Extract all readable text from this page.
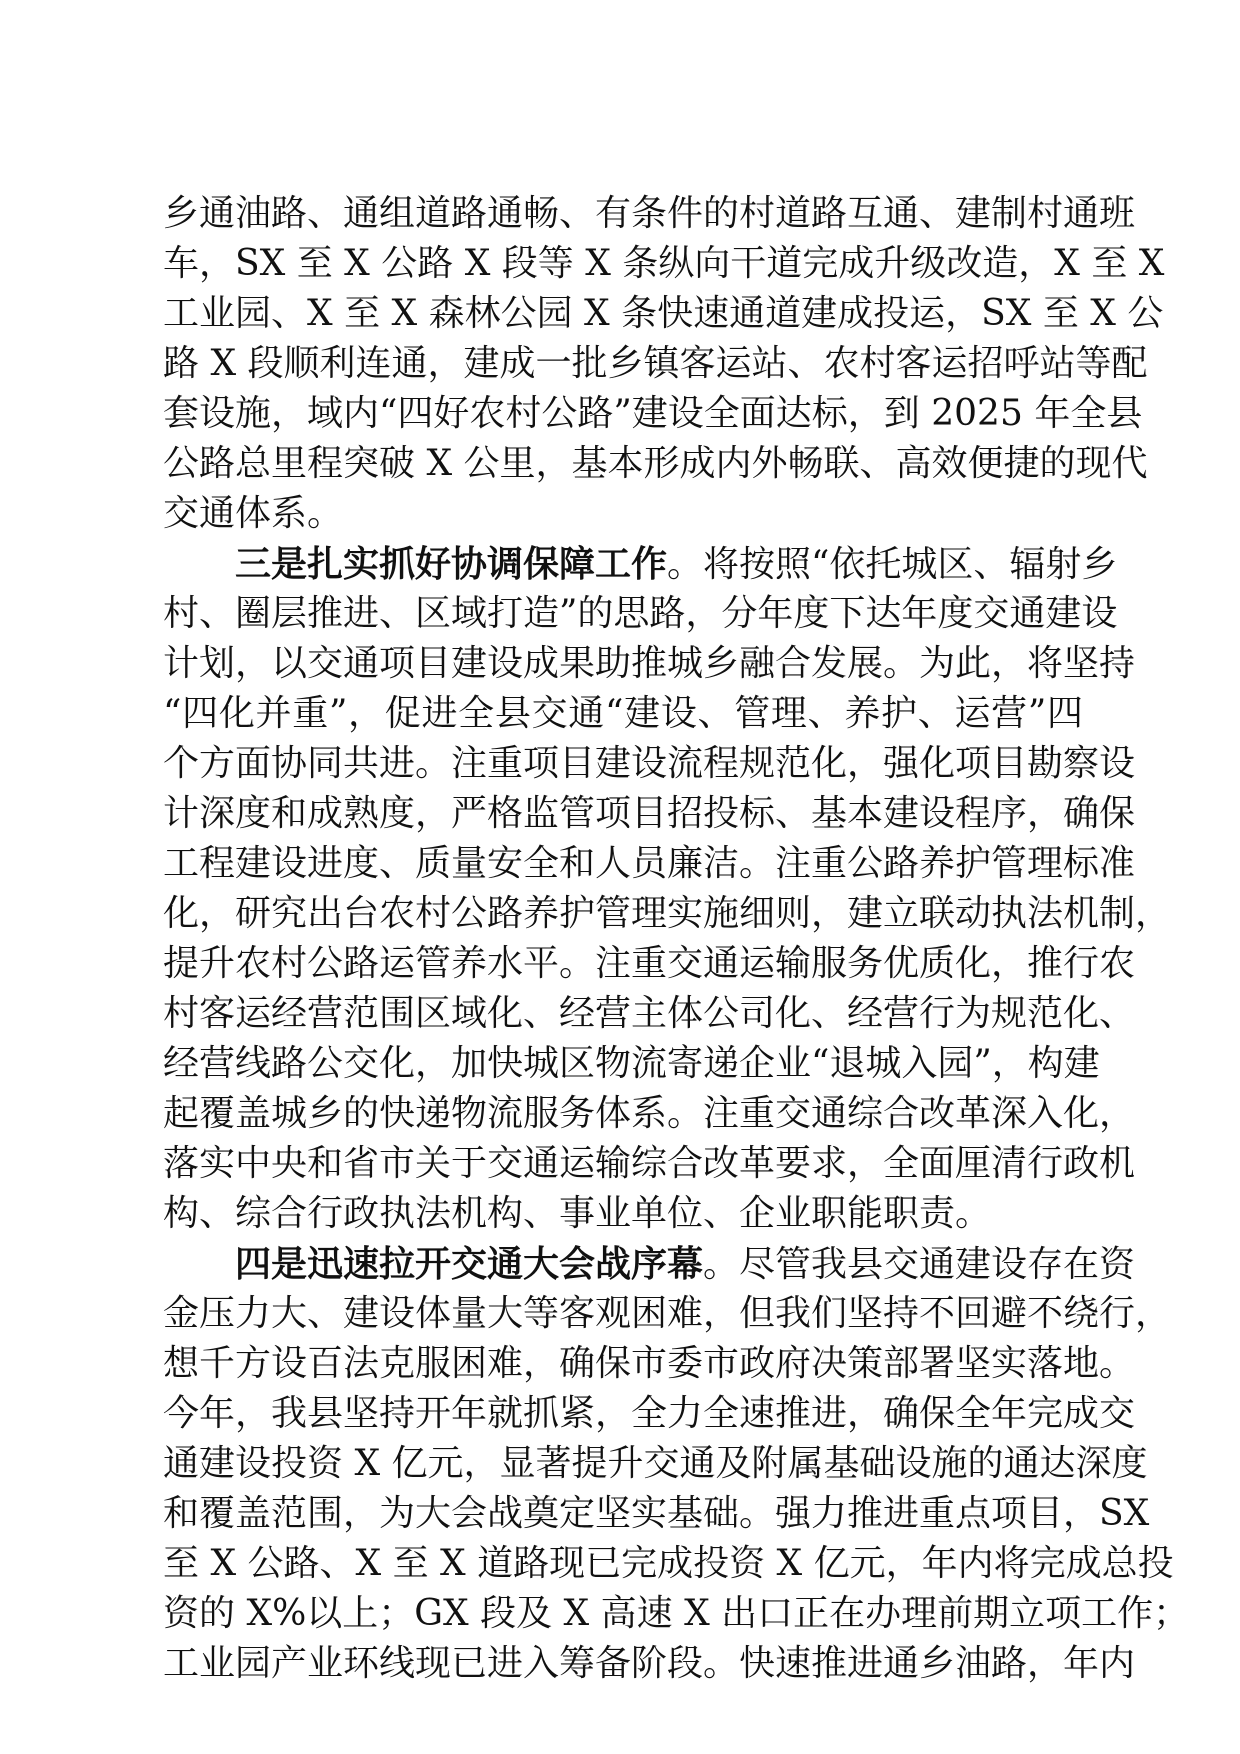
乡通油路、通组道路通畅、有条件的村道路互通、建制村通班
车，SX 至 X 公路 X 段等 X 条纵向干道完成升级改造，X 至 X
工业园、X 至 X 森林公园 X 条快速通道建成投运，SX 至 X 公
路 X 段顺利连通，建成一批乡镇客运站、农村客运招呼站等配
套设施，域内“四好农村公路”建设全面达标，到 2025 年全县
公路总里程突破 X 公里，基本形成内外畅联、高效便捷的现代
交通体系。
三是扎实抓好协调保障工作。将按照“依托城区、辐射乡
村、圈层推进、区域打造”的思路，分年度下达年度交通建设
计划，以交通项目建设成果助推城乡融合发展。为此，将坚持
“四化并重”，促进全县交通“建设、管理、养护、运营”四
个方面协同共进。注重项目建设流程规范化，强化项目勘察设
计深度和成熟度，严格监管项目招投标、基本建设程序，确保
工程建设进度、质量安全和人员廉洁。注重公路养护管理标准
化，研究出台农村公路养护管理实施细则，建立联动执法机制，
提升农村公路运管养水平。注重交通运输服务优质化，推行农
村客运经营范围区域化、经营主体公司化、经营行为规范化、
经营线路公交化，加快城区物流寄递企业“退城入园”，构建
起覆盖城乡的快递物流服务体系。注重交通综合改革深入化，
落实中央和省市关于交通运输综合改革要求，全面厘清行政机
构、综合行政执法机构、事业单位、企业职能职责。
四是迅速拉开交通大会战序幕。尽管我县交通建设存在资
金压力大、建设体量大等客观困难，但我们坚持不回避不绕行，
想千方设百法克服困难，确保市委市政府决策部署坚实落地。
今年，我县坚持开年就抓紧，全力全速推进，确保全年完成交
通建设投资 X 亿元，显著提升交通及附属基础设施的通达深度
和覆盖范围，为大会战奠定坚实基础。强力推进重点项目，SX
至 X 公路、X 至 X 道路现已完成投资 X 亿元，年内将完成总投
资的 X%以上；GX 段及 X 高速 X 出口正在办理前期立项工作；
工业园产业环线现已进入筹备阶段。快速推进通乡油路，年内
